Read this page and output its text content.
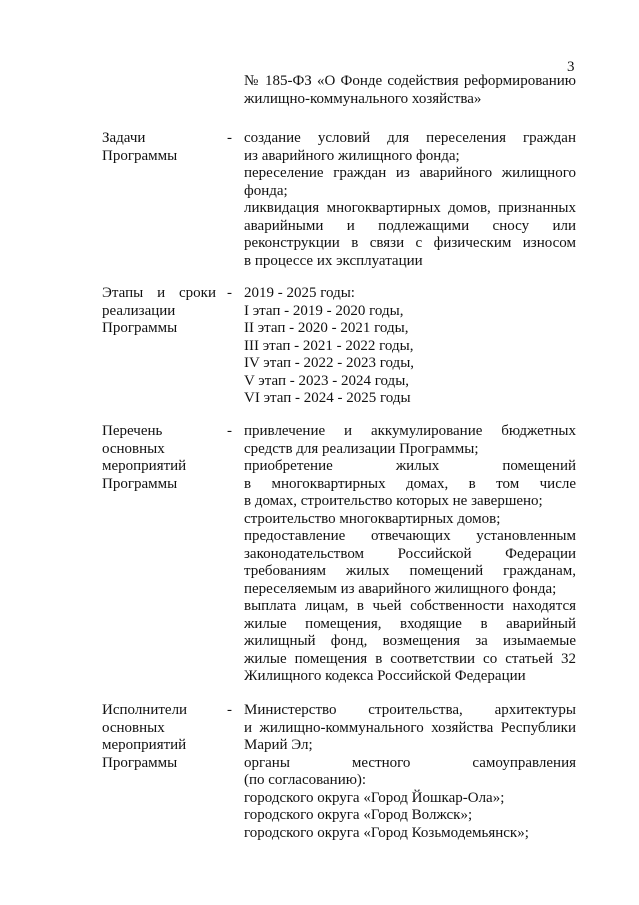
3
№ 185-ФЗ «О Фонде содействия реформированию
жилищно-коммунального хозяйства»
Задачи
Программы
- создание условий для переселения граждан
из аварийного жилищного фонда;
переселение граждан из аварийного жилищного
фонда;
ликвидация многоквартирных домов, признанных
аварийными и подлежащими сносу или
реконструкции в связи с физическим износом
в процессе их эксплуатации
Этапы и сроки
реализации
Программы
- 2019 - 2025 годы:
I этап - 2019 - 2020 годы,
II этап - 2020 - 2021 годы,
III этап - 2021 - 2022 годы,
IV этап - 2022 - 2023 годы,
V этап - 2023 - 2024 годы,
VI этап - 2024 - 2025 годы
Перечень
основных
мероприятий
Программы
- привлечение и аккумулирование бюджетных
средств для реализации Программы;
приобретение жилых помещений
в многоквартирных домах, в том числе
в домах, строительство которых не завершено;
строительство многоквартирных домов;
предоставление отвечающих установленным
законодательством Российской Федерации
требованиям жилых помещений гражданам,
переселяемым из аварийного жилищного фонда;
выплата лицам, в чьей собственности находятся
жилые помещения, входящие в аварийный
жилищный фонд, возмещения за изымаемые
жилые помещения в соответствии со статьей 32
Жилищного кодекса Российской Федерации
Исполнители
основных
мероприятий
Программы
- Министерство строительства, архитектуры
и жилищно-коммунального хозяйства Республики
Марий Эл;
органы местного самоуправления
(по согласованию):
городского округа «Город Йошкар-Ола»;
городского округа «Город Волжск»;
городского округа «Город Козьмодемьянск»;
